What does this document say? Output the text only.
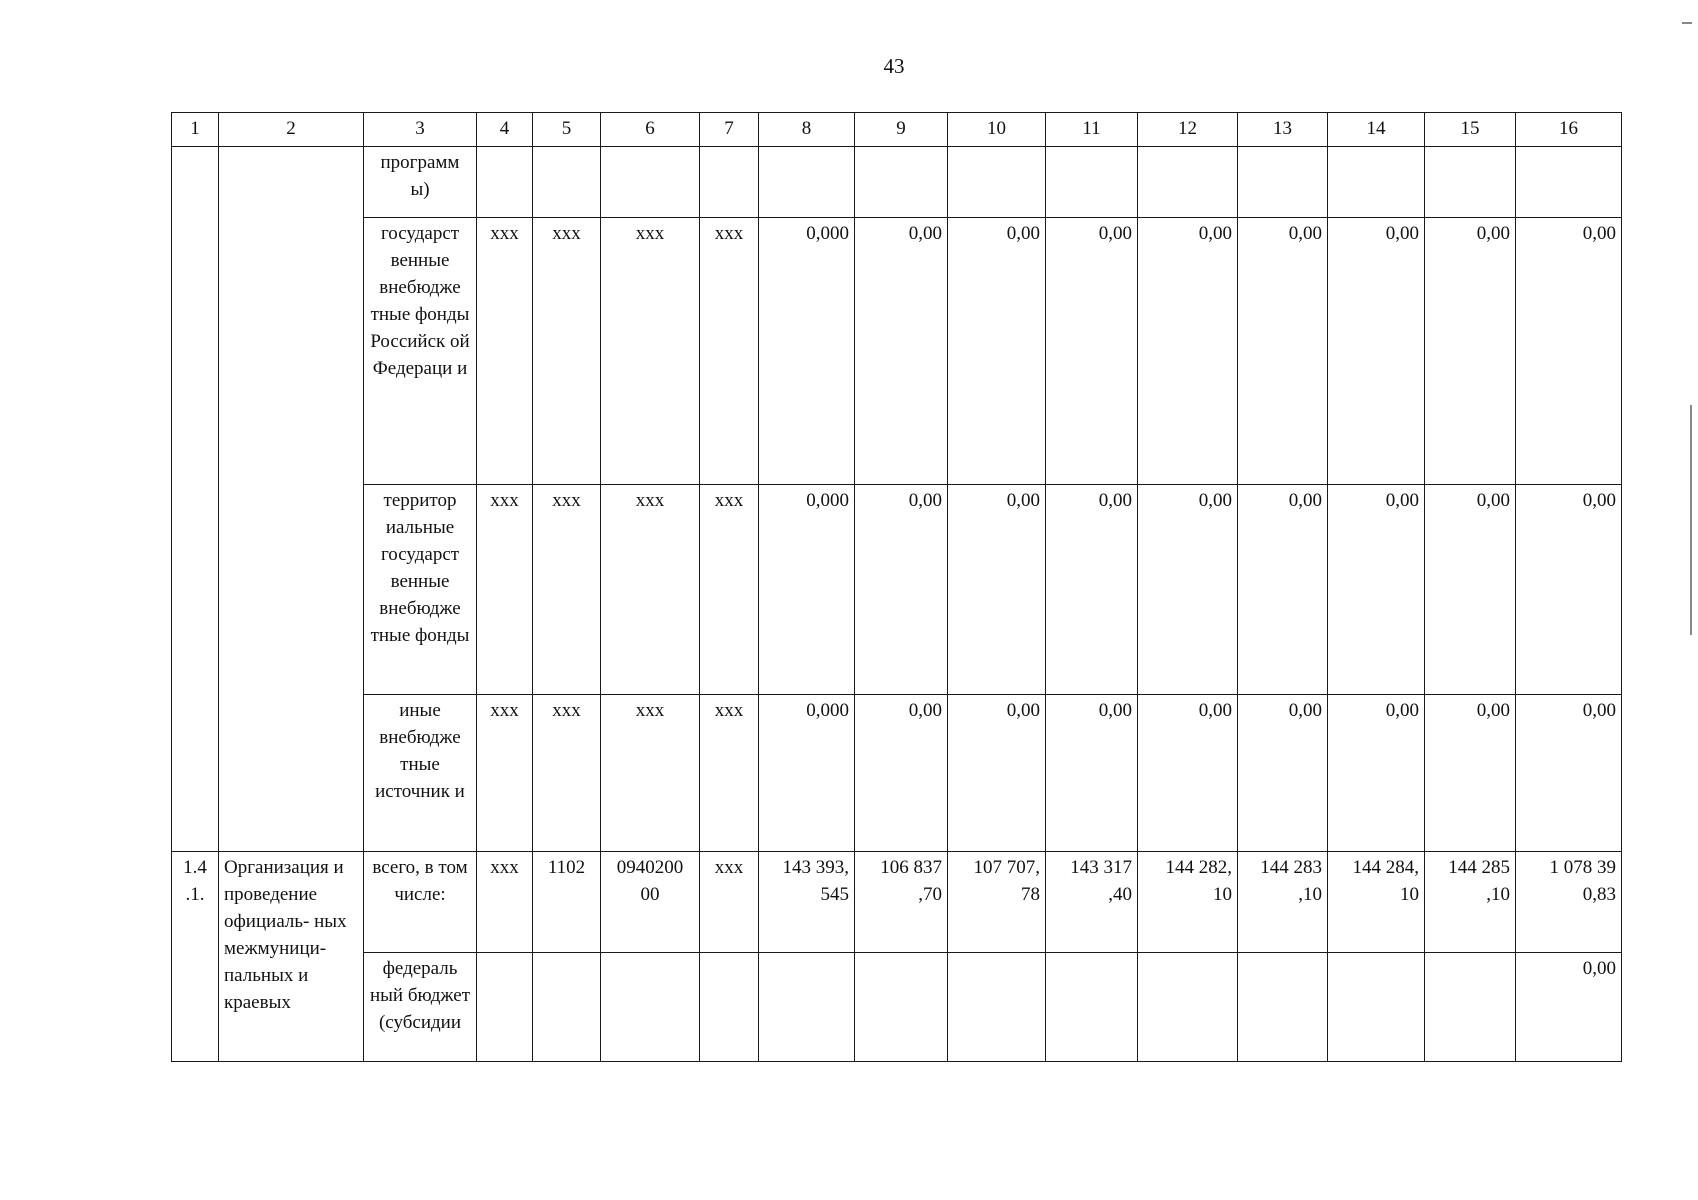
43
1	2	3	4	5	6	7	8	9	10	11	12	13	14	15	16
		программ ы)													
		государст венные внебюдже тные фонды Российск ой Федераци и	xxx	xxx	xxx	xxx	0,000	0,00	0,00	0,00	0,00	0,00	0,00	0,00	0,00
		территор иальные государст венные внебюдже тные фонды	xxx	xxx	xxx	xxx	0,000	0,00	0,00	0,00	0,00	0,00	0,00	0,00	0,00
		иные внебюдже тные источник и	xxx	xxx	xxx	xxx	0,000	0,00	0,00	0,00	0,00	0,00	0,00	0,00	0,00
1.4 .1.	Организация и проведение официаль- ных межмуници- пальных и краевых	всего, в том числе:	xxx	1102	0940200 00	xxx	143 393, 545	106 837 ,70	107 707, 78	143 317 ,40	144 282, 10	144 283 ,10	144 284, 10	144 285 ,10	1 078 39 0,83
		федераль ный бюджет (субсидии													0,00
